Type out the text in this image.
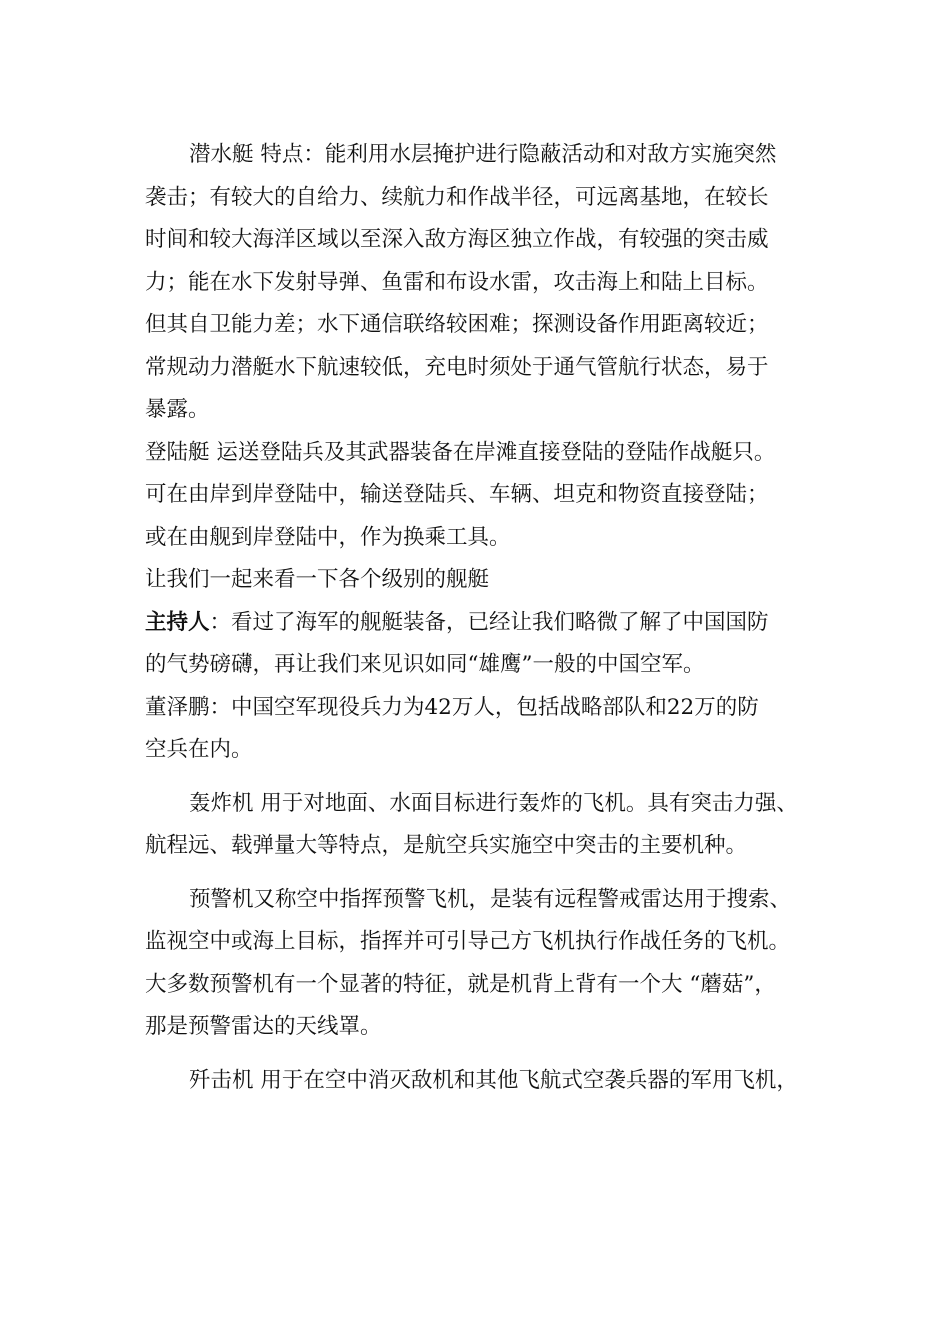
潜水艇 特点：能利用水层掩护进行隐蔽活动和对敌方实施突然
袭击；有较大的自给力、续航力和作战半径，可远离基地，在较长
时间和较大海洋区域以至深入敌方海区独立作战，有较强的突击威
力；能在水下发射导弹、鱼雷和布设水雷，攻击海上和陆上目标。
但其自卫能力差；水下通信联络较困难；探测设备作用距离较近；
常规动力潜艇水下航速较低，充电时须处于通气管航行状态，易于
暴露。
登陆艇 运送登陆兵及其武器装备在岸滩直接登陆的登陆作战艇只。
可在由岸到岸登陆中，输送登陆兵、车辆、坦克和物资直接登陆；
或在由舰到岸登陆中，作为换乘工具。
让我们一起来看一下各个级别的舰艇
主持人：看过了海军的舰艇装备，已经让我们略微了解了中国国防
的气势磅礴，再让我们来见识如同“雄鹰”一般的中国空军。
董泽鹏：中国空军现役兵力为42万人，包括战略部队和22万的防
空兵在内。
轰炸机 用于对地面、水面目标进行轰炸的飞机。具有突击力强、
航程远、载弹量大等特点，是航空兵实施空中突击的主要机种。
预警机又称空中指挥预警飞机，是装有远程警戒雷达用于搜索、
监视空中或海上目标，指挥并可引导己方飞机执行作战任务的飞机。
大多数预警机有一个显著的特征，就是机背上背有一个大 “蘑菇”，
那是预警雷达的天线罩。
歼击机 用于在空中消灭敌机和其他飞航式空袭兵器的军用飞机，
